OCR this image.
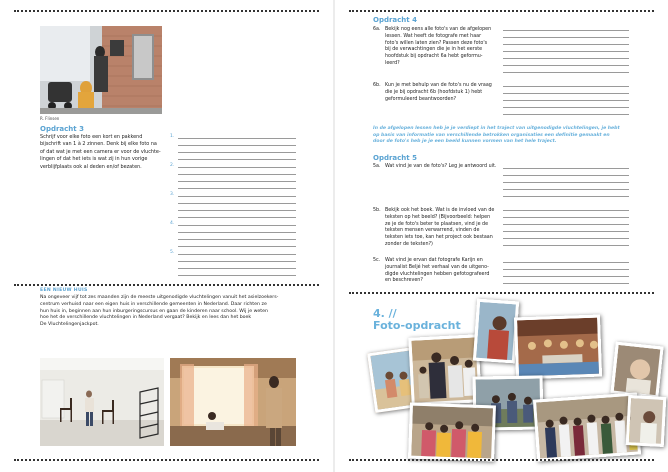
R. Flinsen
Opdracht 3
Schrijf voor elke foto een kort en pakkend
bijschrift van 1 à 2 zinnen. Denk bij elke foto na
of dat wat je met een camera er voor de vluchte-
lingen of dat het iets is wat zij in hun vorige
verblijfplaats ook al deden en/of bezaten.
1.
2.
3.
4.
5.
EEN NIEUW HUIS
Na ongeveer vijf tot zes maanden zijn de meeste uitgenodigde vluchtelingen vanuit het asielzoekers-
centrum verhuisd naar een eigen huis in verschillende gemeenten in Nederland. Daar richten ze
hun huis in, beginnen aan hun inburgeringscursus en gaan de kinderen naar school. Wij je weten
hoe het de verschillende vluchtelingen in Nederland vergaat? Bekijk en lees dan het boek
De Vluchtelingenjackpot.
Opdracht 4
6a. Bekijk nog eens alle foto's van de afgelopen
lessen. Wat heeft de fotografe met haar
foto's willen laten zien? Passen deze foto's
bij de verwachtingen die je in het eerste
hoofdstuk bij opdracht 6a hebt geformu-
leerd?
6b. Kun je met behulp van de foto's nu de vraag
die je bij opdracht 6b (hoofdstuk 1) hebt
geformuleerd beantwoorden?
In de afgelopen lessen heb je je verdiept in het traject van uitgenodigde vluchtelingen, je hebt
op basis van informatie van verschillende betrokken organisaties een definitie gemaakt en
door de foto's heb je je een beeld kunnen vormen van het hele traject.
Opdracht 5
5a. Wat vind je van de foto's? Leg je antwoord uit.
5b. Bekijk ook het boek. Wat is de invloed van de
teksten op het beeld? (Bijvoorbeeld: helpen
ze je de foto's beter te plaatsen, vind je de
teksten mensen verwarrend, vinden de
teksten iets toe, kan het project ook bestaan
zonder de teksten?)
5c. Wat vind je ervan dat fotografe Karijn en
journalist Beljé het verhaal van de uitgeno-
digde vluchtelingen hebben gefotografeerd
en beschreven?
4. //
Foto-opdracht
